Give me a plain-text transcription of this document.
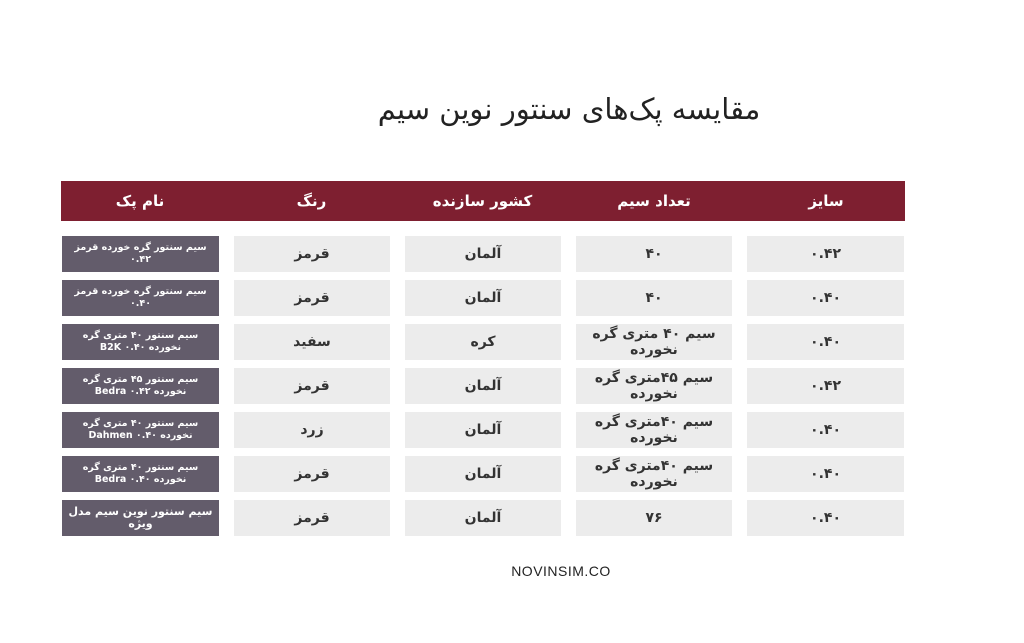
مقایسه پک‌های سنتور نوین سیم
سایز
تعداد سیم
کشور سازنده
رنگ
نام پک
۰.۴۲
۴۰
آلمان
قرمز
سیم سنتور گره خورده قرمز ۰.۴۲
۰.۴۰
۴۰
آلمان
قرمز
سیم سنتور گره خورده قرمز ۰.۴۰
۰.۴۰
سیم ۴۰ متری گره نخورده
کره
سفید
سیم سنتور ۴۰ متری گره نخورده ۰.۴۰ B2K
۰.۴۲
سیم ۴۵متری گره نخورده
آلمان
قرمز
سیم سنتور ۴۵ متری گره نخورده Bedra ۰.۴۲
۰.۴۰
سیم ۴۰متری گره نخورده
آلمان
زرد
سیم سنتور ۴۰ متری گره نخورده Dahmen ۰.۴۰
۰.۴۰
سیم ۴۰متری گره نخورده
آلمان
قرمز
سیم سنتور ۴۰ متری گره نخورده Bedra ۰.۴۰
۰.۴۰
۷۶
آلمان
قرمز
سیم سنتور نوین سیم مدل ویژه
NOVINSIM.CO
